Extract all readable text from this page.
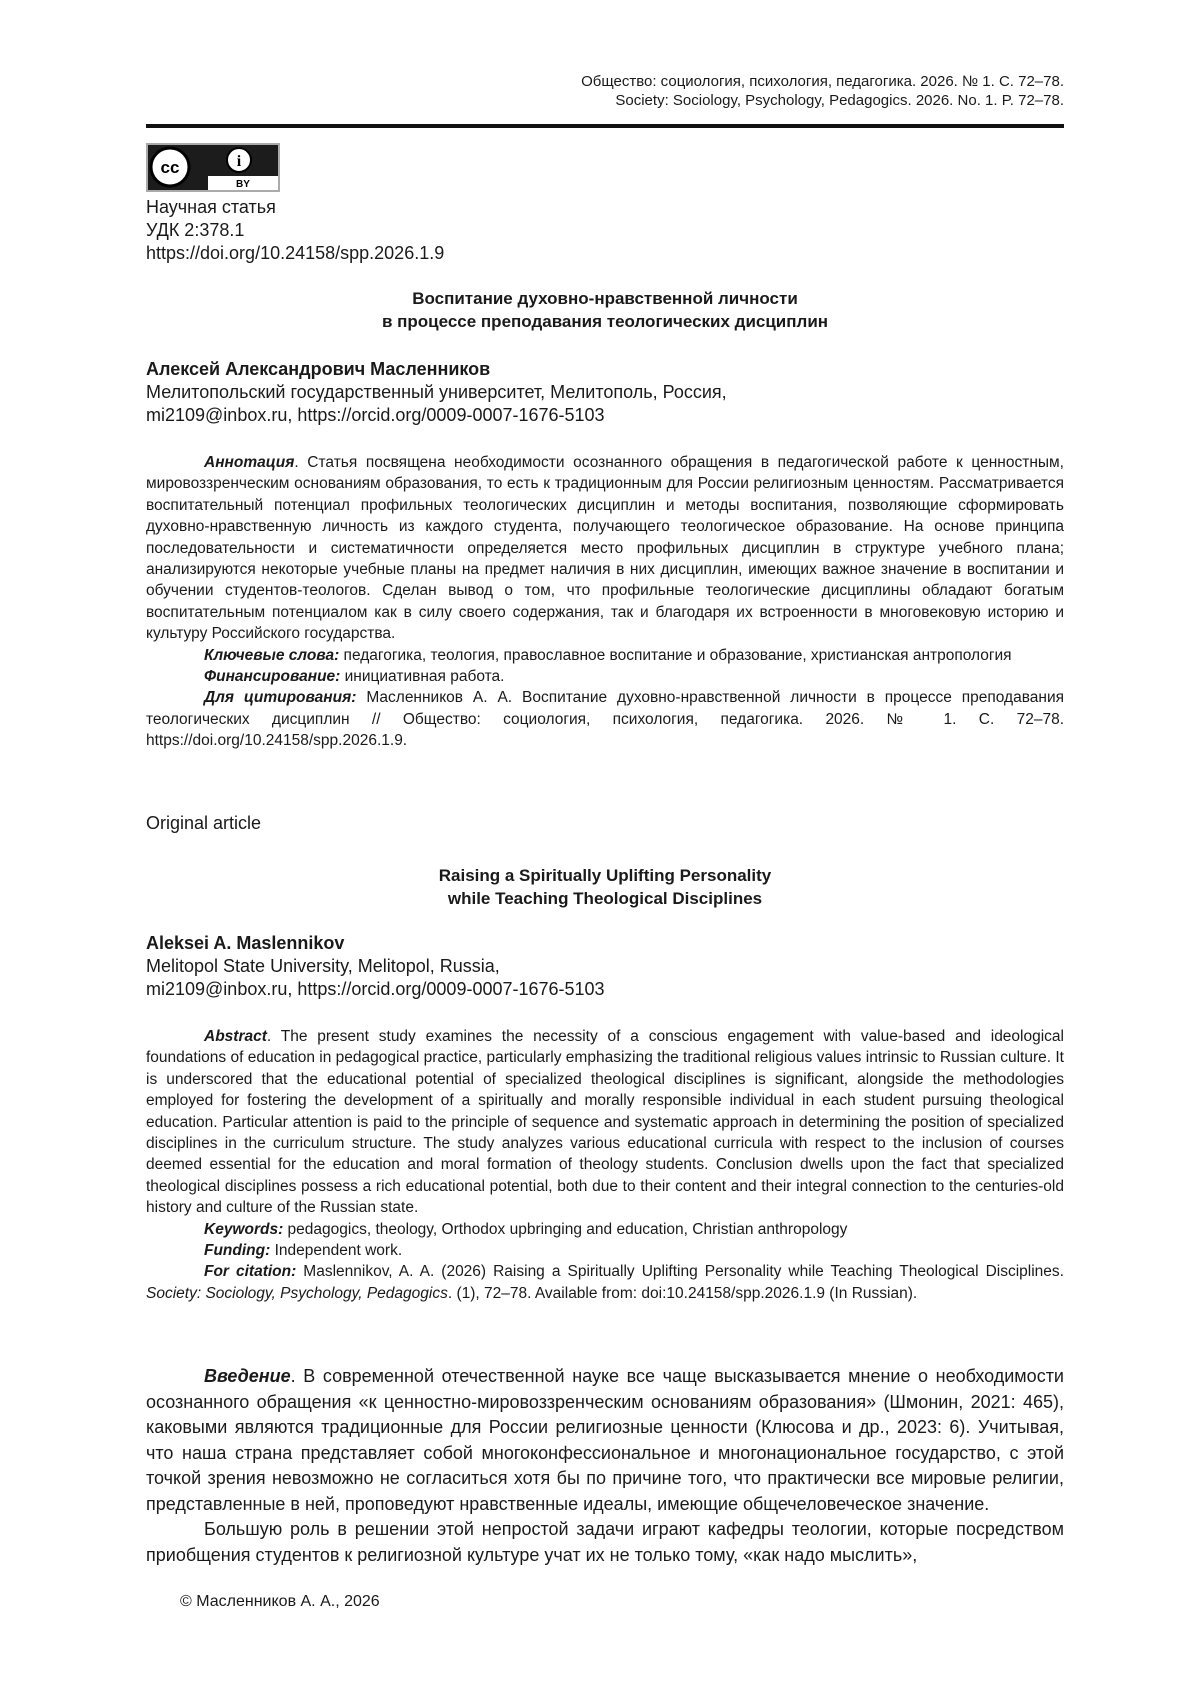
Общество: социология, психология, педагогика. 2026. № 1. С. 72–78.
Society: Sociology, Psychology, Pedagogics. 2026. No. 1. P. 72–78.
cc	i
BY
Научная статья
УДК 2:378.1
https://doi.org/10.24158/spp.2026.1.9
Воспитание духовно-нравственной личности
в процессе преподавания теологических дисциплин
Алексей Александрович Масленников
Мелитопольский государственный университет, Мелитополь, Россия,
mi2109@inbox.ru, https://orcid.org/0009-0007-1676-5103

Аннотация. Статья посвящена необходимости осознанного обращения в педагогической работе к ценностным, мировоззренческим основаниям образования, то есть к традиционным для России религиозным ценностям. Рассматривается воспитательный потенциал профильных теологических дисциплин и методы воспитания, позволяющие сформировать духовно-нравственную личность из каждого студента, получающего теологическое образование. На основе принципа последовательности и систематичности определяется место профильных дисциплин в структуре учебного плана; анализируются некоторые учебные планы на предмет наличия в них дисциплин, имеющих важное значение в воспитании и обучении студентов-теологов. Сделан вывод о том, что профильные теологические дисциплины обладают богатым воспитательным потенциалом как в силу своего содержания, так и благодаря их встроенности в многовековую историю и культуру Российского государства.

Ключевые слова: педагогика, теология, православное воспитание и образование, христианская антропология

Финансирование: инициативная работа.

Для цитирования: Масленников А. А. Воспитание духовно-нравственной личности в процессе преподавания теологических дисциплин // Общество: социология, психология, педагогика. 2026. № 1. С. 72–78. https://doi.org/10.24158/spp.2026.1.9.

Original article
Raising a Spiritually Uplifting Personality
while Teaching Theological Disciplines
Aleksei A. Maslennikov
Melitopol State University, Melitopol, Russia,
mi2109@inbox.ru, https://orcid.org/0009-0007-1676-5103

Abstract. The present study examines the necessity of a conscious engagement with value-based and ideological foundations of education in pedagogical practice, particularly emphasizing the traditional religious values intrinsic to Russian culture. It is underscored that the educational potential of specialized theological disciplines is significant, alongside the methodologies employed for fostering the development of a spiritually and morally responsible individual in each student pursuing theological education. Particular attention is paid to the principle of sequence and systematic approach in determining the position of specialized disciplines in the curriculum structure. The study analyzes various educational curricula with respect to the inclusion of courses deemed essential for the education and moral formation of theology students. Conclusion dwells upon the fact that specialized theological disciplines possess a rich educational potential, both due to their content and their integral connection to the centuries-old history and culture of the Russian state.

Keywords: pedagogics, theology, Orthodox upbringing and education, Christian anthropology

Funding: Independent work.

For citation: Maslennikov, A. A. (2026) Raising a Spiritually Uplifting Personality while Teaching Theological Disciplines. Society: Sociology, Psychology, Pedagogics. (1), 72–78. Available from: doi:10.24158/spp.2026.1.9 (In Russian).

Введение. В современной отечественной науке все чаще высказывается мнение о необходимости осознанного обращения «к ценностно-мировоззренческим основаниям образования» (Шмонин, 2021: 465), каковыми являются традиционные для России религиозные ценности (Клюсова и др., 2023: 6). Учитывая, что наша страна представляет собой многоконфессиональное и многонациональное государство, с этой точкой зрения невозможно не согласиться хотя бы по причине того, что практически все мировые религии, представленные в ней, проповедуют нравственные идеалы, имеющие общечеловеческое значение.

Большую роль в решении этой непростой задачи играют кафедры теологии, которые посредством приобщения студентов к религиозной культуре учат их не только тому, «как надо мыслить»,

© Масленников А. А., 2026
